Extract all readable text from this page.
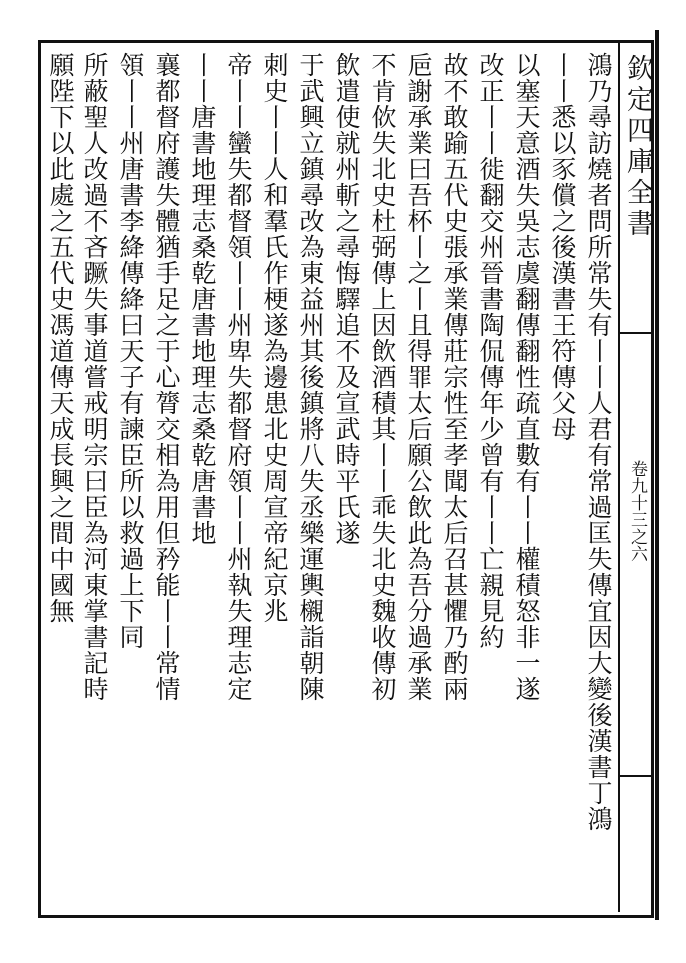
欽定四庫全書
卷九十三之六
鴻乃尋訪燒者問所常失有丨丨人君有常過匡失傳宜因大變後漢書丁鴻
丨丨悉以豕償之後漢書王符傳父母
以塞天意酒失吳志虞翻傳翻性疏直數有丨丨權積怒非一遂
改正丨丨徙翻交州晉書陶侃傳年少曾有丨丨亡親見約
故不敢踰五代史張承業傳莊宗性至孝聞太后召甚懼乃酌兩
巵謝承業曰吾杯丨之丨且得罪太后願公飲此為吾分過承業
不肯佽失北史杜弼傳上因飲酒積其丨丨乖失北史魏收傳初
飲遣使就州斬之尋悔驛追不及宣武時平氏遂
于武興立鎮尋改為東益州其後鎮將八失丞樂運輿櫬詣朝陳
刺史丨丨人和羣氏作梗遂為邊患北史周宣帝紀京兆
帝丨丨蠻失都督領丨丨州卑失都督府領丨丨州執失理志定
丨丨唐書地理志桑乾唐書地理志桑乾唐書地
襄都督府護失體猶手足之于心膂交相為用但矜能丨丨常情
領丨丨州唐書李絳傳絳曰天子有諫臣所以救過上下同
所蔽聖人改過不吝蹶失事道嘗戒明宗曰臣為河東掌書記時
願陛下以此處之五代史馮道傳天成長興之間中國無
